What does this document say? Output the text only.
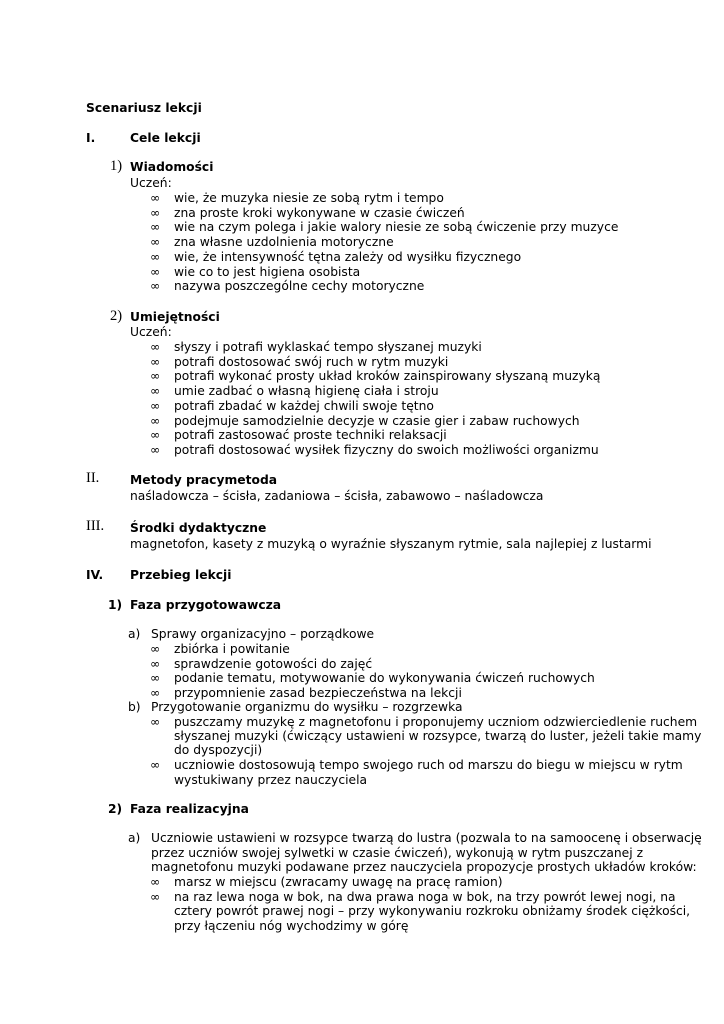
Scenariusz lekcji
I.	Cele lekcji
1) Wiadomości
Uczeń:
∞	wie, że muzyka niesie ze sobą rytm i tempo
∞	zna proste kroki wykonywane w czasie ćwiczeń
∞	wie na czym polega i jakie walory niesie ze sobą ćwiczenie przy muzyce
∞	zna własne uzdolnienia motoryczne
∞	wie, że intensywność tętna zależy od wysiłku fizycznego
∞	wie co to jest higiena osobista
∞	nazywa poszczególne cechy motoryczne
2) Umiejętności
Uczeń:
∞	słyszy i potrafi wyklaskać tempo słyszanej muzyki
∞	potrafi dostosować swój ruch w rytm muzyki
∞	potrafi wykonać prosty układ kroków zainspirowany słyszaną muzyką
∞	umie zadbać o własną higienę ciała i stroju
∞	potrafi zbadać w każdej chwili swoje tętno
∞	podejmuje samodzielnie decyzje w czasie gier i zabaw ruchowych
∞	potrafi zastosować proste techniki relaksacji
∞	potrafi dostosować wysiłek fizyczny do swoich możliwości organizmu
II. Metody pracymetoda
naśladowcza – ścisła, zadaniowa – ścisła, zabawowo – naśladowcza
III. Środki dydaktyczne
magnetofon, kasety z muzyką o wyraźnie słyszanym rytmie, sala najlepiej z lustarmi
IV. Przebieg lekcji
1) Faza przygotowawcza
a) Sprawy organizacyjno – porządkowe
∞	zbiórka i powitanie
∞	sprawdzenie gotowości do zajęć
∞	podanie tematu, motywowanie do wykonywania ćwiczeń ruchowych
∞	przypomnienie zasad bezpieczeństwa na lekcji
b) Przygotowanie organizmu do wysiłku – rozgrzewka
∞ puszczamy muzykę z magnetofonu i proponujemy uczniom odzwierciedlenie ruchem
słyszanej muzyki (ćwiczący ustawieni w rozsypce, twarzą do luster, jeżeli takie mamy
do dyspozycji)
∞ uczniowie dostosowują tempo swojego ruch od marszu do biegu w miejscu w rytm
wystukiwany przez nauczyciela
2) Faza realizacyjna
a) Uczniowie ustawieni w rozsypce twarzą do lustra (pozwala to na samoocenę i obserwację
przez uczniów swojej sylwetki w czasie ćwiczeń), wykonują w rytm puszczanej z
magnetofonu muzyki podawane przez nauczyciela propozycje prostych układów kroków:
∞ marsz w miejscu (zwracamy uwagę na pracę ramion)
∞ na raz lewa noga w bok, na dwa prawa noga w bok, na trzy powrót lewej nogi, na
cztery powrót prawej nogi – przy wykonywaniu rozkroku obniżamy środek ciężkości,
przy łączeniu nóg wychodzimy w górę
